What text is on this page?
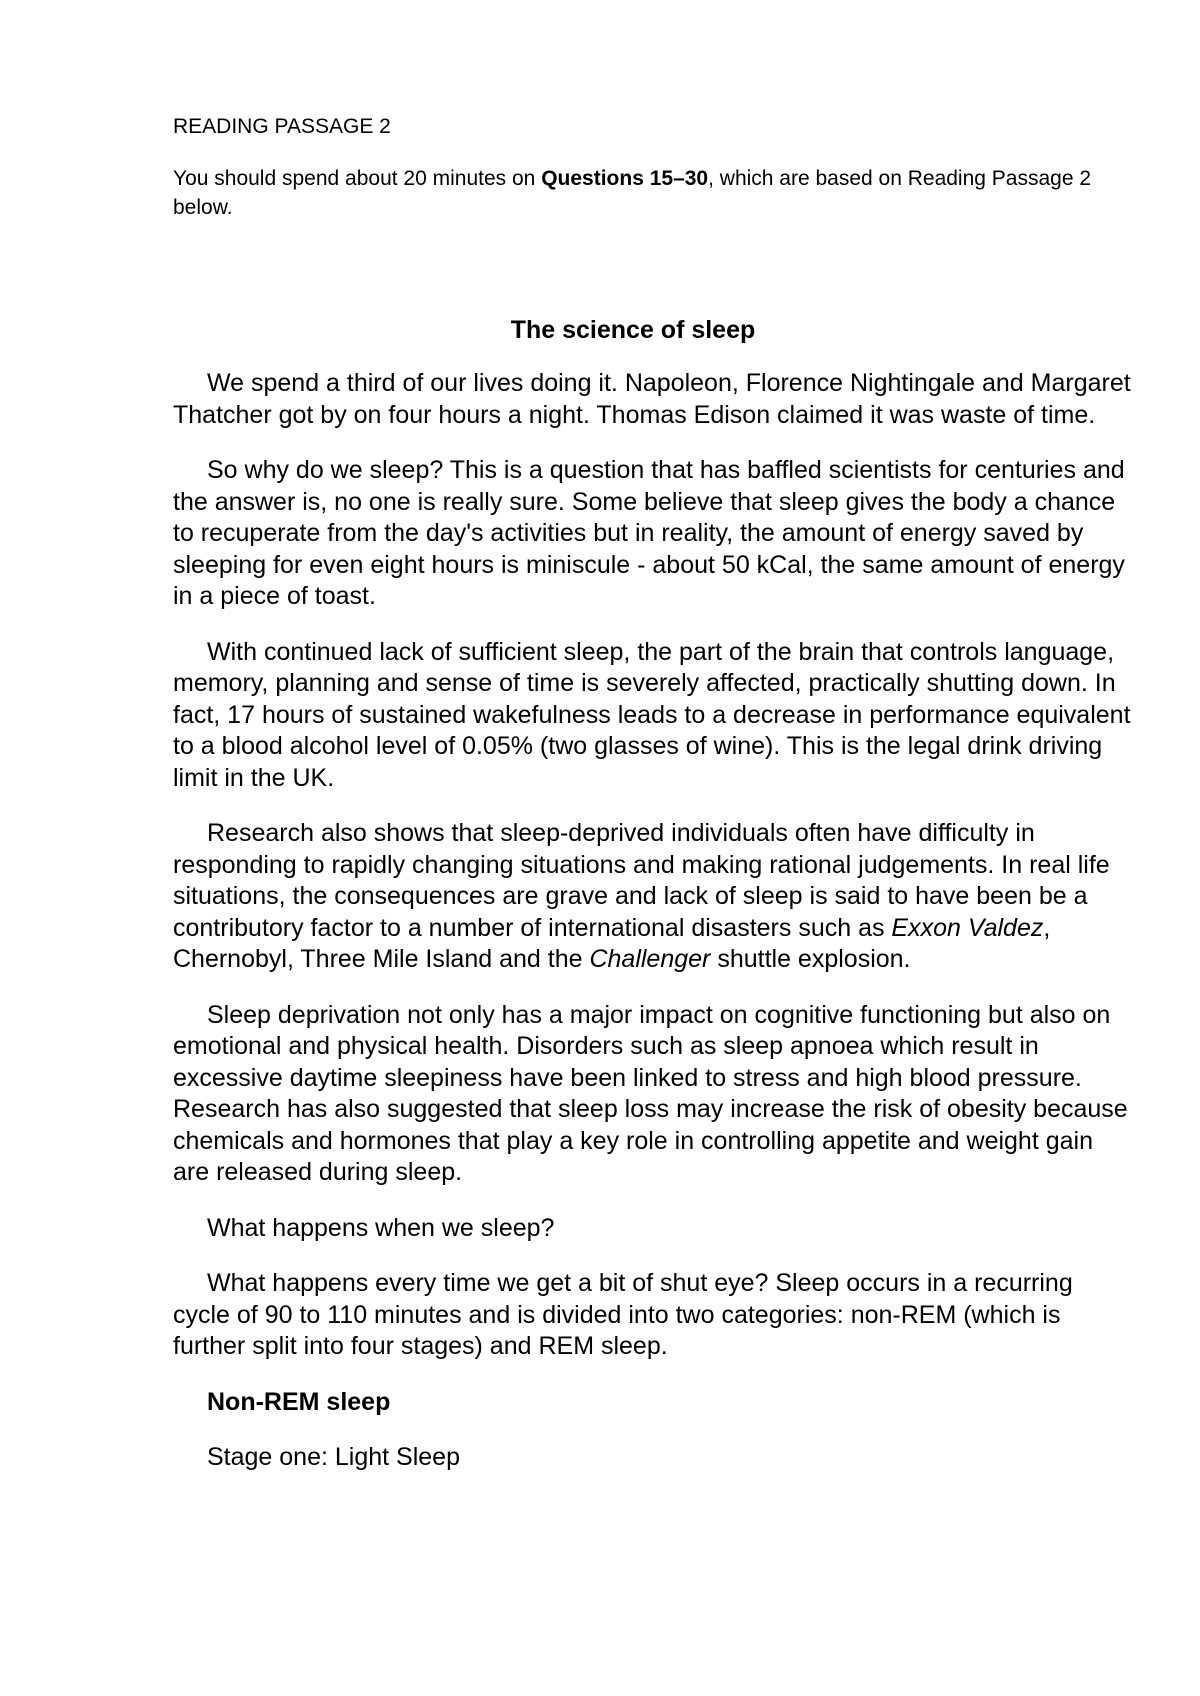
READING PASSAGE 2

You should spend about 20 minutes on Questions 15–30, which are based on Reading Passage 2 below.

The science of sleep

We spend a third of our lives doing it. Napoleon, Florence Nightingale and Margaret Thatcher got by on four hours a night. Thomas Edison claimed it was waste of time.

So why do we sleep? This is a question that has baffled scientists for centuries and the answer is, no one is really sure. Some believe that sleep gives the body a chance to recuperate from the day's activities but in reality, the amount of energy saved by sleeping for even eight hours is miniscule - about 50 kCal, the same amount of energy in a piece of toast.

With continued lack of sufficient sleep, the part of the brain that controls language, memory, planning and sense of time is severely affected, practically shutting down. In fact, 17 hours of sustained wakefulness leads to a decrease in performance equivalent to a blood alcohol level of 0.05% (two glasses of wine). This is the legal drink driving limit in the UK.

Research also shows that sleep-deprived individuals often have difficulty in responding to rapidly changing situations and making rational judgements. In real life situations, the consequences are grave and lack of sleep is said to have been be a contributory factor to a number of international disasters such as Exxon Valdez, Chernobyl, Three Mile Island and the Challenger shuttle explosion.

Sleep deprivation not only has a major impact on cognitive functioning but also on emotional and physical health. Disorders such as sleep apnoea which result in excessive daytime sleepiness have been linked to stress and high blood pressure. Research has also suggested that sleep loss may increase the risk of obesity because chemicals and hormones that play a key role in controlling appetite and weight gain are released during sleep.

What happens when we sleep?

What happens every time we get a bit of shut eye? Sleep occurs in a recurring cycle of 90 to 110 minutes and is divided into two categories: non-REM (which is further split into four stages) and REM sleep.

Non-REM sleep

Stage one: Light Sleep
